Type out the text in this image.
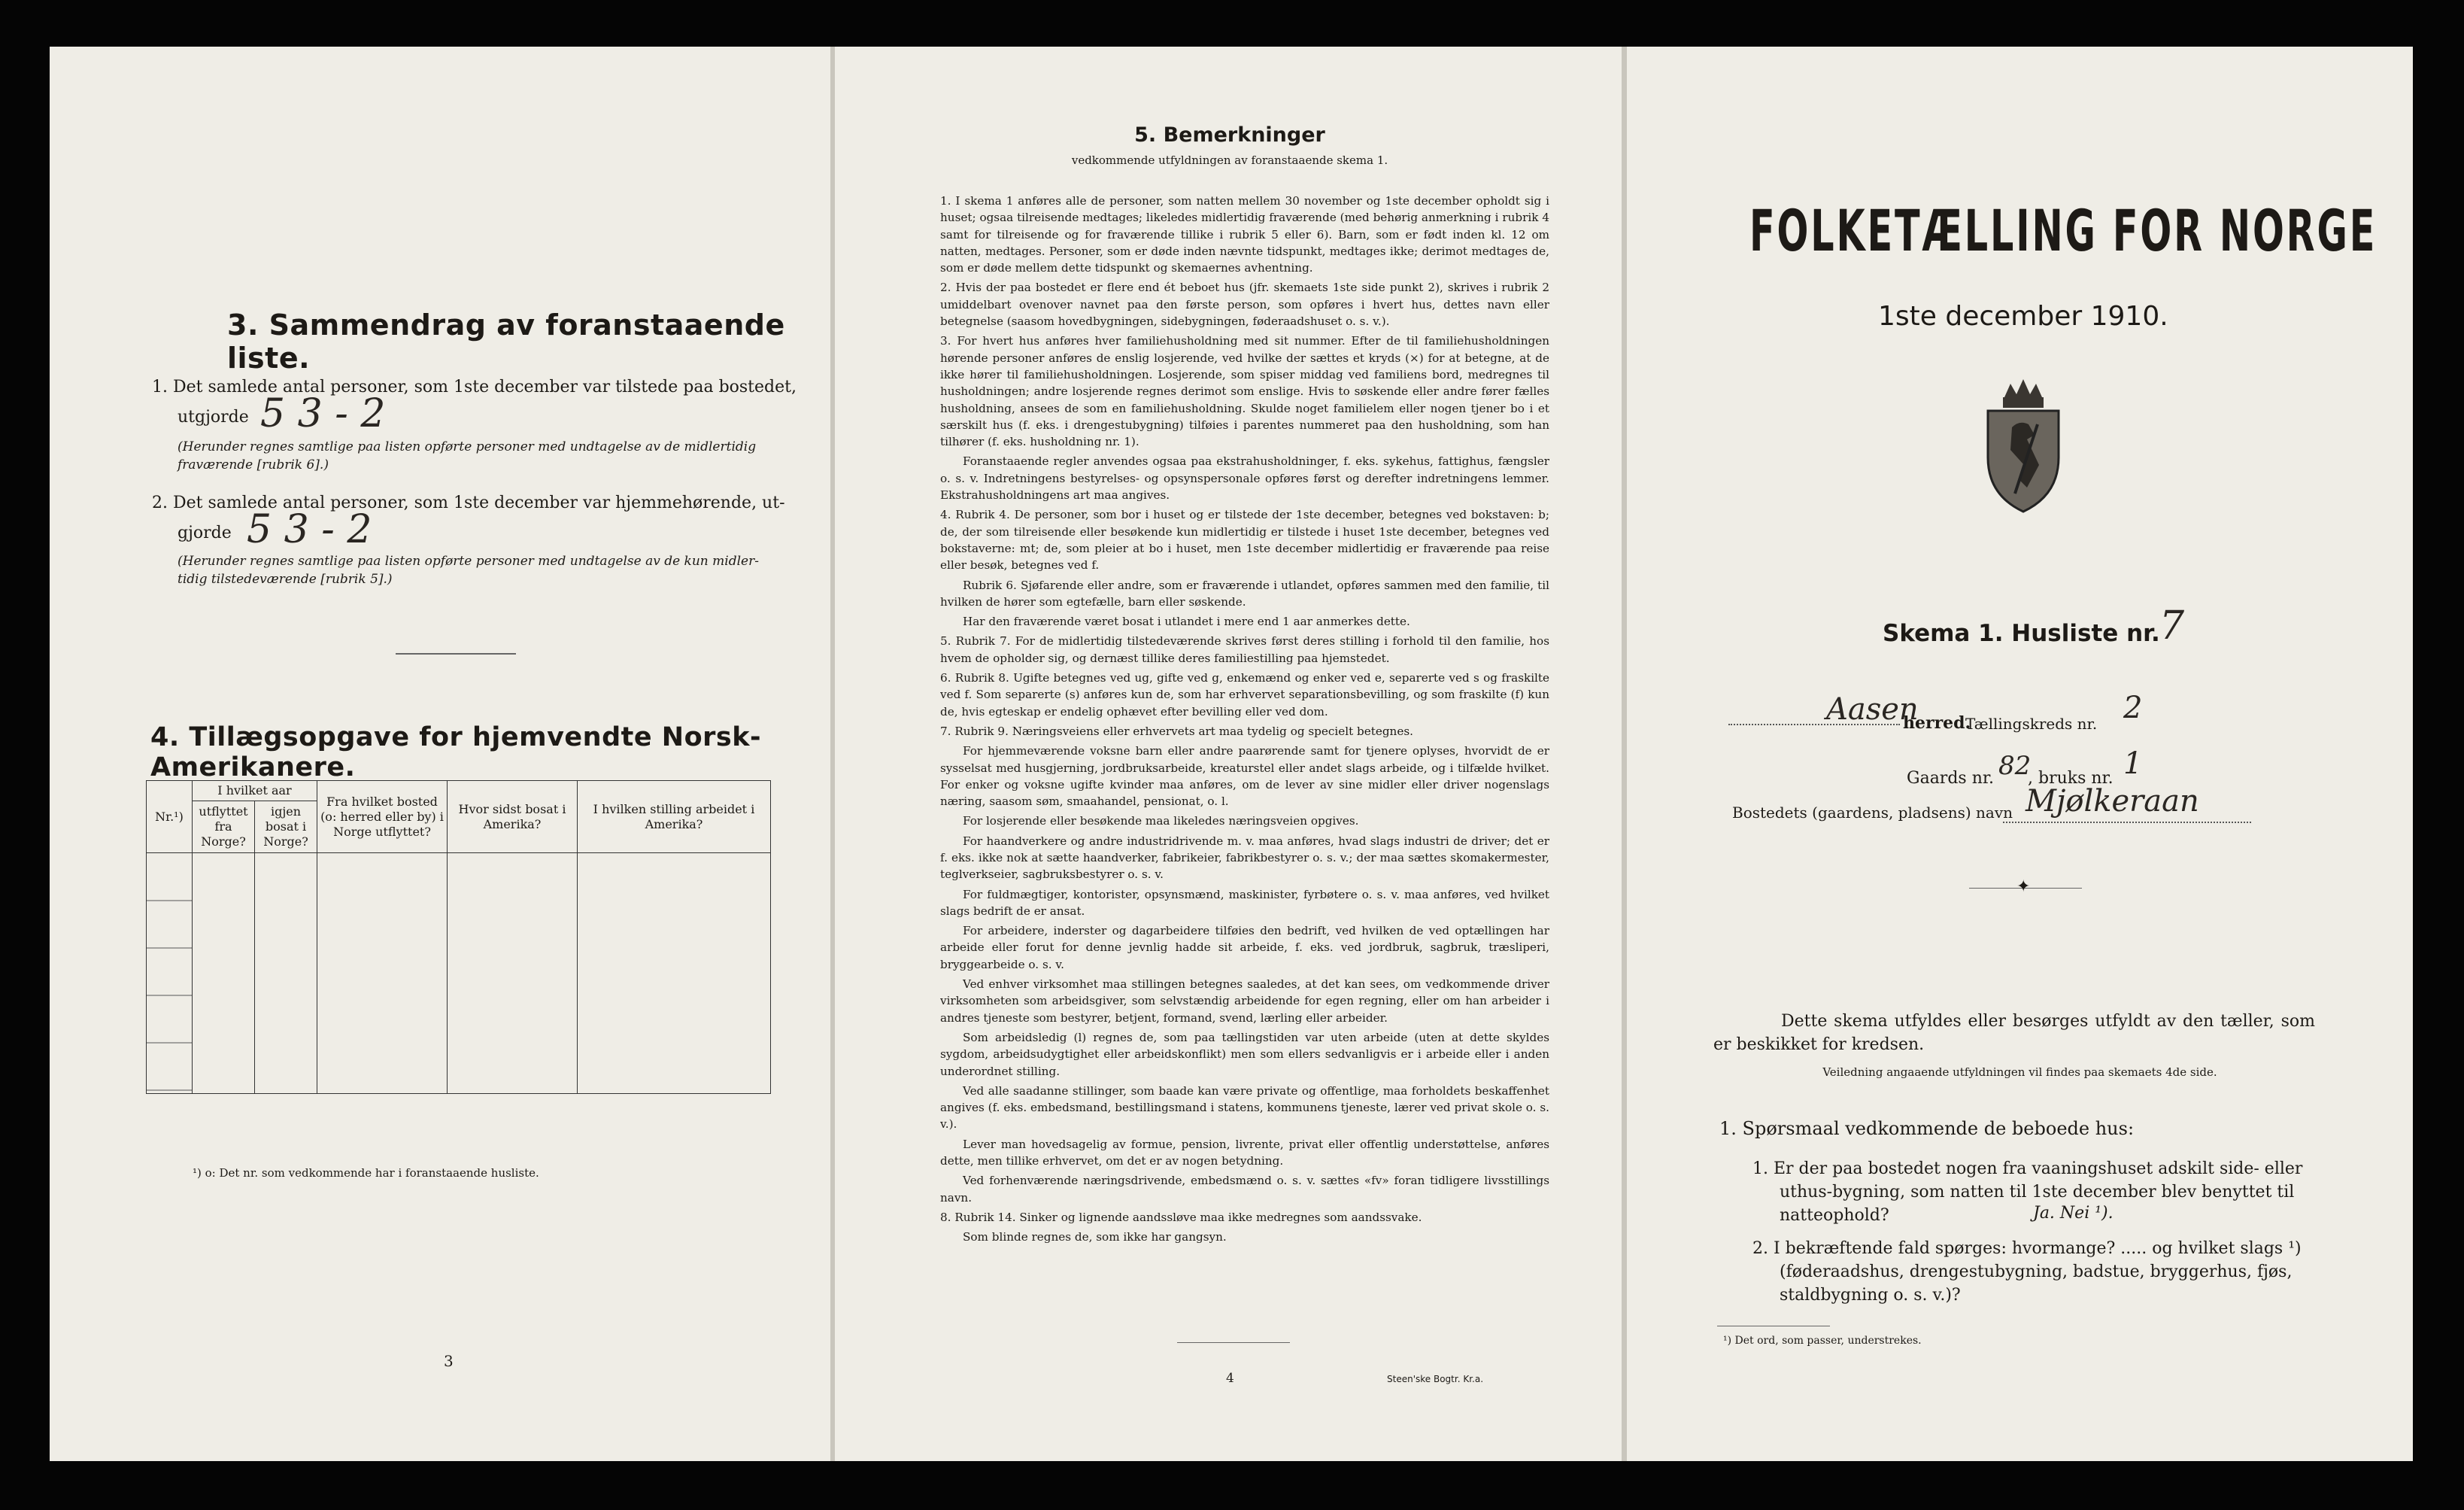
3. Sammendrag av foranstaaende liste.
1. Det samlede antal personer, som 1ste december var tilstede paa bostedet,
utgjorde 5 3 - 2
(Herunder regnes samtlige paa listen opførte personer med undtagelse av de midlertidig
fraværende [rubrik 6].)
2. Det samlede antal personer, som 1ste december var hjemmehørende, ut-
gjorde 5 3 - 2
(Herunder regnes samtlige paa listen opførte personer med undtagelse av de kun midler-
tidig tilstedeværende [rubrik 5].)
4. Tillægsopgave for hjemvendte Norsk-Amerikanere.
Nr.¹)	I hvilket aar		Fra hvilket bosted (o: herred eller by) i Norge utflyttet?	Hvor sidst bosat i Amerika?	I hvilken stilling arbeidet i Amerika?
	utflyttet fra Norge?	igjen bosat i Norge?			

¹) o: Det nr. som vedkommende har i foranstaaende husliste.
3
5. Bemerkninger
vedkommende utfyldningen av foranstaaende skema 1.

1. I skema 1 anføres alle de personer, som natten mellem 30 november og 1ste december opholdt sig i huset; ogsaa tilreisende medtages; likeledes midlertidig fraværende (med behørig anmerkning i rubrik 4 samt for tilreisende og for fraværende tillike i rubrik 5 eller 6). Barn, som er født inden kl. 12 om natten, medtages. Personer, som er døde inden nævnte tidspunkt, medtages ikke; derimot medtages de, som er døde mellem dette tidspunkt og skemaernes avhentning.

2. Hvis der paa bostedet er flere end ét beboet hus (jfr. skemaets 1ste side punkt 2), skrives i rubrik 2 umiddelbart ovenover navnet paa den første person, som opføres i hvert hus, dettes navn eller betegnelse (saasom hovedbygningen, sidebygningen, føderaadshuset o. s. v.).

3. For hvert hus anføres hver familiehusholdning med sit nummer. Efter de til familiehusholdningen hørende personer anføres de enslig losjerende, ved hvilke der sættes et kryds (×) for at betegne, at de ikke hører til familiehusholdningen. Losjerende, som spiser middag ved familiens bord, medregnes til husholdningen; andre losjerende regnes derimot som enslige. Hvis to søskende eller andre fører fælles husholdning, ansees de som en familiehusholdning. Skulde noget familielem eller nogen tjener bo i et særskilt hus (f. eks. i drengestubygning) tilføies i parentes nummeret paa den husholdning, som han tilhører (f. eks. husholdning nr. 1).

Foranstaaende regler anvendes ogsaa paa ekstrahusholdninger, f. eks. sykehus, fattighus, fængsler o. s. v. Indretningens bestyrelses- og opsynspersonale opføres først og derefter indretningens lemmer. Ekstrahusholdningens art maa angives.

4. Rubrik 4. De personer, som bor i huset og er tilstede der 1ste december, betegnes ved bokstaven: b; de, der som tilreisende eller besøkende kun midlertidig er tilstede i huset 1ste december, betegnes ved bokstaverne: mt; de, som pleier at bo i huset, men 1ste december midlertidig er fraværende paa reise eller besøk, betegnes ved f.

Rubrik 6. Sjøfarende eller andre, som er fraværende i utlandet, opføres sammen med den familie, til hvilken de hører som egtefælle, barn eller søskende.

Har den fraværende været bosat i utlandet i mere end 1 aar anmerkes dette.

5. Rubrik 7. For de midlertidig tilstedeværende skrives først deres stilling i forhold til den familie, hos hvem de opholder sig, og dernæst tillike deres familiestilling paa hjemstedet.

6. Rubrik 8. Ugifte betegnes ved ug, gifte ved g, enkemænd og enker ved e, separerte ved s og fraskilte ved f. Som separerte (s) anføres kun de, som har erhvervet separationsbevilling, og som fraskilte (f) kun de, hvis egteskap er endelig ophævet efter bevilling eller ved dom.

7. Rubrik 9. Næringsveiens eller erhvervets art maa tydelig og specielt betegnes.

For hjemmeværende voksne barn eller andre paarørende samt for tjenere oplyses, hvorvidt de er sysselsat med husgjerning, jordbruksarbeide, kreaturstel eller andet slags arbeide, og i tilfælde hvilket. For enker og voksne ugifte kvinder maa anføres, om de lever av sine midler eller driver nogenslags næring, saasom søm, smaahandel, pensionat, o. l.

For losjerende eller besøkende maa likeledes næringsveien opgives.

For haandverkere og andre industridrivende m. v. maa anføres, hvad slags industri de driver; det er f. eks. ikke nok at sætte haandverker, fabrikeier, fabrikbestyrer o. s. v.; der maa sættes skomakermester, teglverkseier, sagbruksbestyrer o. s. v.

For fuldmægtiger, kontorister, opsynsmænd, maskinister, fyrbøtere o. s. v. maa anføres, ved hvilket slags bedrift de er ansat.

For arbeidere, inderster og dagarbeidere tilføies den bedrift, ved hvilken de ved optællingen har arbeide eller forut for denne jevnlig hadde sit arbeide, f. eks. ved jordbruk, sagbruk, træsliperi, bryggearbeide o. s. v.

Ved enhver virksomhet maa stillingen betegnes saaledes, at det kan sees, om vedkommende driver virksomheten som arbeidsgiver, som selvstændig arbeidende for egen regning, eller om han arbeider i andres tjeneste som bestyrer, betjent, formand, svend, lærling eller arbeider.

Som arbeidsledig (l) regnes de, som paa tællingstiden var uten arbeide (uten at dette skyldes sygdom, arbeidsudygtighet eller arbeidskonflikt) men som ellers sedvanligvis er i arbeide eller i anden underordnet stilling.

Ved alle saadanne stillinger, som baade kan være private og offentlige, maa forholdets beskaffenhet angives (f. eks. embedsmand, bestillingsmand i statens, kommunens tjeneste, lærer ved privat skole o. s. v.).

Lever man hovedsagelig av formue, pension, livrente, privat eller offentlig understøttelse, anføres dette, men tillike erhvervet, om det er av nogen betydning.

Ved forhenværende næringsdrivende, embedsmænd o. s. v. sættes «fv» foran tidligere livsstillings navn.

8. Rubrik 14. Sinker og lignende aandssløve maa ikke medregnes som aandssvake.

Som blinde regnes de, som ikke har gangsyn.

4	Steen'ske Bogtr. Kr.a.
FOLKETÆLLING FOR NORGE
1ste december 1910.
Skema 1. Husliste nr. 7
Aasen
herred.
Tællingskreds nr. 2
Gaards nr. 82
, bruks nr. 1
Bostedets (gaardens, pladsens) navn Mjølkeraan
✦
Dette skema utfyldes eller besørges utfyldt av den tæller, som er beskikket for kredsen.
Veiledning angaaende utfyldningen vil findes paa skemaets 4de side.
1. Spørsmaal vedkommende de beboede hus:
1. Er der paa bostedet nogen fra vaaningshuset adskilt side- eller uthus-bygning, som natten til 1ste december blev benyttet til natteophold?	Ja. Nei ¹).
2. I bekræftende fald spørges: hvormange? ..... og hvilket slags ¹) (føderaadshus, drengestubygning, badstue, bryggerhus, fjøs, staldbygning o. s. v.)?
¹) Det ord, som passer, understrekes.
